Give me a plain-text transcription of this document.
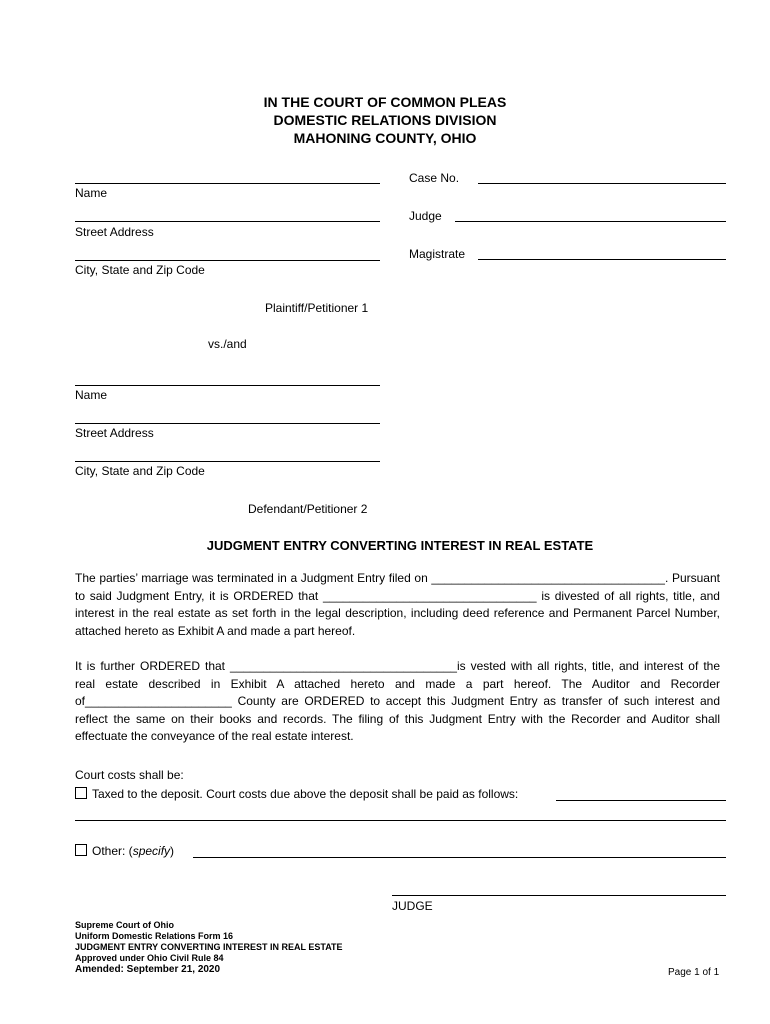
IN THE COURT OF COMMON PLEAS
DOMESTIC RELATIONS DIVISION
MAHONING COUNTY, OHIO
Name
Street Address
City, State and Zip Code
Plaintiff/Petitioner 1
Case No.
Judge
Magistrate
vs./and
Name
Street Address
City, State and Zip Code
Defendant/Petitioner 2
JUDGMENT ENTRY CONVERTING INTEREST IN REAL ESTATE

The parties’ marriage was terminated in a Judgment Entry filed on ___________________________________. Pursuant to said Judgment Entry, it is ORDERED that ________________________________ is divested of all rights, title, and interest in the real estate as set forth in the legal description, including deed reference and Permanent Parcel Number, attached hereto as Exhibit A and made a part hereof.

It is further ORDERED that __________________________________is vested with all rights, title, and interest of the real estate described in Exhibit A attached hereto and made a part hereof. The Auditor and Recorder of______________________ County are ORDERED to accept this Judgment Entry as transfer of such interest and reflect the same on their books and records. The filing of this Judgment Entry with the Recorder and Auditor shall effectuate the conveyance of the real estate interest.

Court costs shall be:
Taxed to the deposit. Court costs due above the deposit shall be paid as follows:
Other: (specify)
JUDGE
Supreme Court of Ohio
Uniform Domestic Relations Form 16
JUDGMENT ENTRY CONVERTING INTEREST IN REAL ESTATE
Approved under Ohio Civil Rule 84
Amended: September 21, 2020	Page 1 of 1
